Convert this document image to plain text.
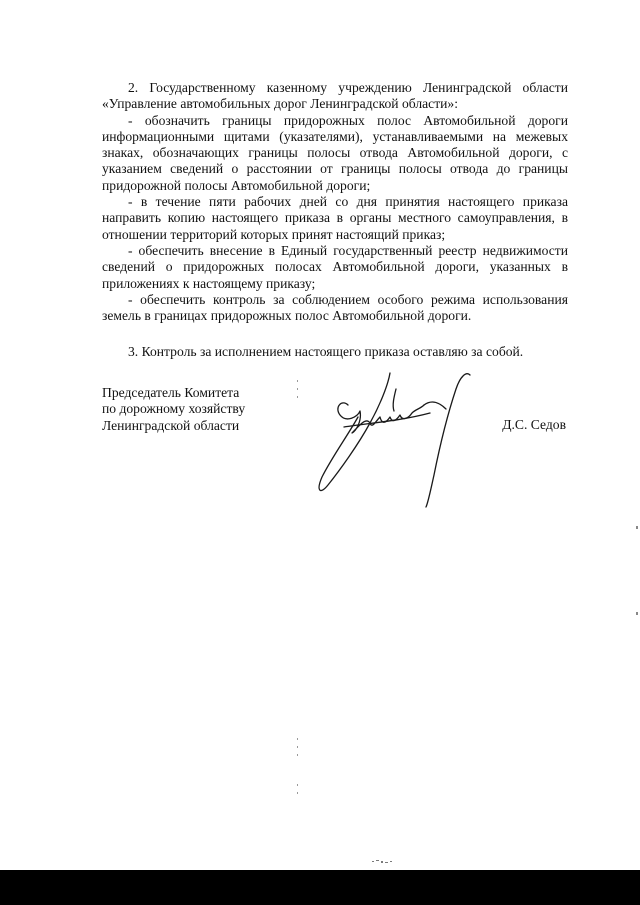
2. Государственному казенному учреждению Ленинградской области «Управление автомобильных дорог Ленинградской области»:

- обозначить границы придорожных полос Автомобильной дороги информационными щитами (указателями), устанавливаемыми на межевых знаках, обозначающих границы полосы отвода Автомобильной дороги, с указанием сведений о расстоянии от границы полосы отвода до границы придорожной полосы Автомобильной дороги;

- в течение пяти рабочих дней со дня принятия настоящего приказа направить копию настоящего приказа в органы местного самоуправления, в отношении территорий которых принят настоящий приказ;

- обеспечить внесение в Единый государственный реестр недвижимости сведений о придорожных полосах Автомобильной дороги, указанных в приложениях к настоящему приказу;

- обеспечить контроль за соблюдением особого режима использования земель в границах придорожных полос Автомобильной дороги.

3. Контроль за исполнением настоящего приказа оставляю за собой.

Председатель Комитета
по дорожному хозяйству
Ленинградской области	Д.С. Седов
